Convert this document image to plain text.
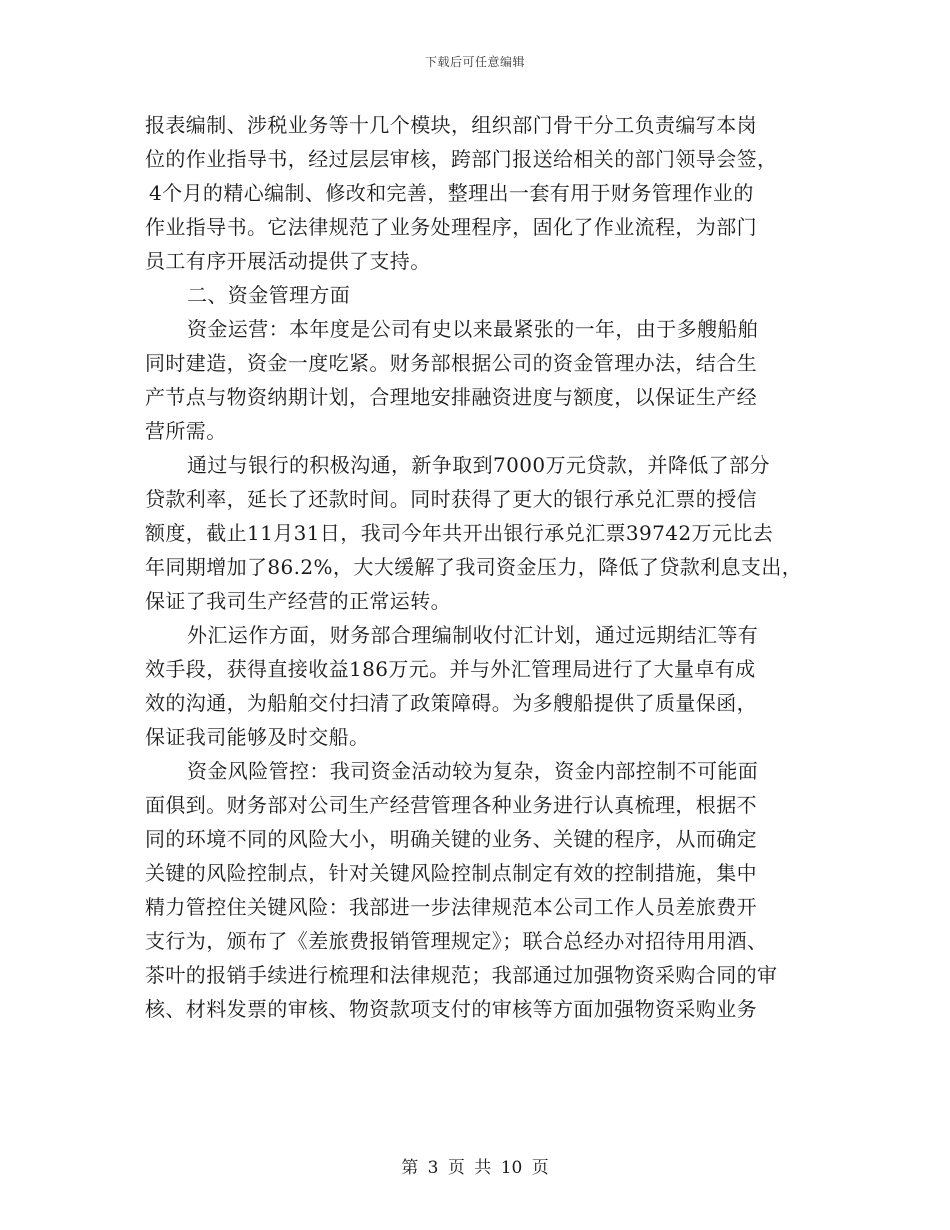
下载后可任意编辑
报表编制、涉税业务等十几个模块，组织部门骨干分工负责编写本岗
位的作业指导书，经过层层审核，跨部门报送给相关的部门领导会签，
4个月的精心编制、修改和完善，整理出一套有用于财务管理作业的
作业指导书。它法律规范了业务处理程序，固化了作业流程，为部门
员工有序开展活动提供了支持。
二、资金管理方面
资金运营：本年度是公司有史以来最紧张的一年，由于多艘船舶
同时建造，资金一度吃紧。财务部根据公司的资金管理办法，结合生
产节点与物资纳期计划，合理地安排融资进度与额度，以保证生产经
营所需。
通过与银行的积极沟通，新争取到7000万元贷款，并降低了部分
贷款利率，延长了还款时间。同时获得了更大的银行承兑汇票的授信
额度，截止11月31日，我司今年共开出银行承兑汇票39742万元比去
年同期增加了86.2%，大大缓解了我司资金压力，降低了贷款利息支出，
保证了我司生产经营的正常运转。
外汇运作方面，财务部合理编制收付汇计划，通过远期结汇等有
效手段，获得直接收益186万元。并与外汇管理局进行了大量卓有成
效的沟通，为船舶交付扫清了政策障碍。为多艘船提供了质量保函，
保证我司能够及时交船。
资金风险管控：我司资金活动较为复杂，资金内部控制不可能面
面俱到。财务部对公司生产经营管理各种业务进行认真梳理，根据不
同的环境不同的风险大小，明确关键的业务、关键的程序，从而确定
关键的风险控制点，针对关键风险控制点制定有效的控制措施，集中
精力管控住关键风险：我部进一步法律规范本公司工作人员差旅费开
支行为，颁布了《差旅费报销管理规定》；联合总经办对招待用用酒、
茶叶的报销手续进行梳理和法律规范；我部通过加强物资采购合同的审
核、材料发票的审核、物资款项支付的审核等方面加强物资采购业务
第 3 页 共 10 页
